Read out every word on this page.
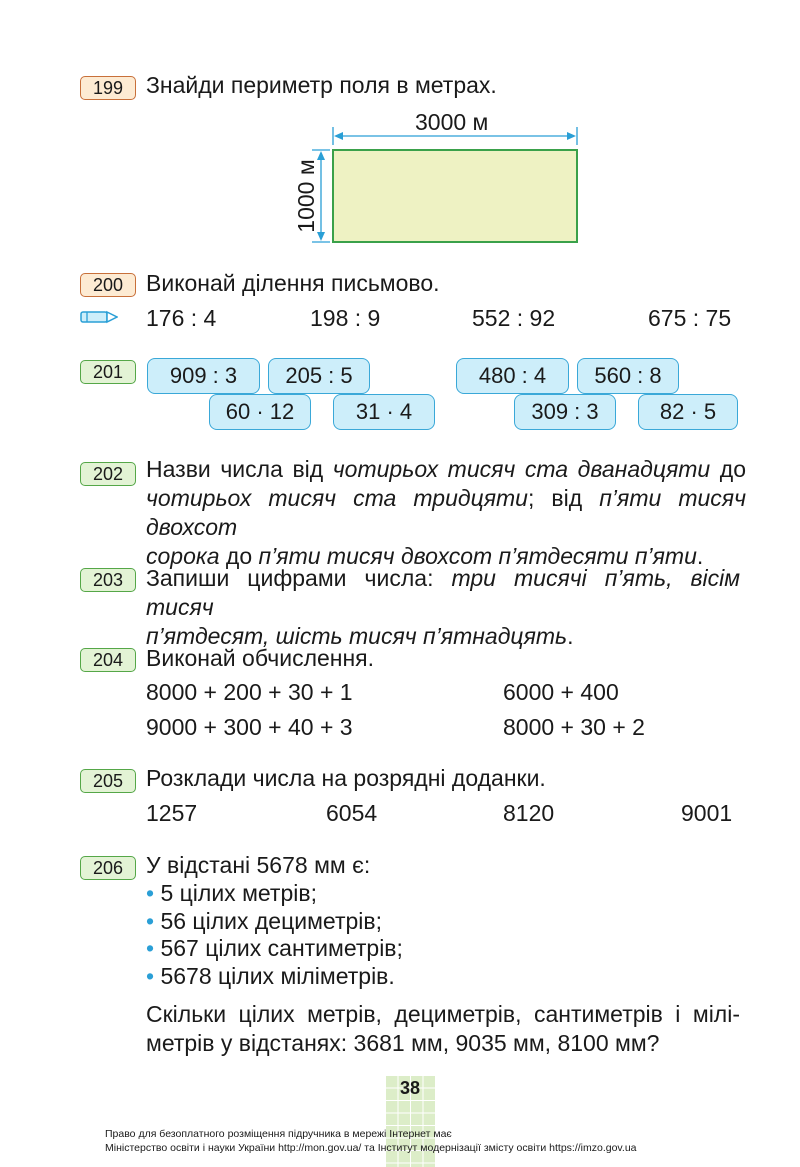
199 Знайди периметр поля в метрах.
3000 м
1000 м
200 Виконай ділення письмово.
176 : 4	198 : 9	552 : 92	675 : 75
201	909 : 3	205 : 5	480 : 4	560 : 8
60 · 12	31 · 4	309 : 3	82 · 5
202 Назви числа від чотирьох тисяч ста дванадцяти до
чотирьох тисяч ста тридцяти; від п’яти тисяч двохсот
сорока до п’яти тисяч двохсот п’ятдесяти п’яти.
203 Запиши цифрами числа: три тисячі п’ять, вісім тисяч
п’ятдесят, шість тисяч п’ятнадцять.
204 Виконай обчислення.
8000 + 200 + 30 + 1	6000 + 400
9000 + 300 + 40 + 3	8000 + 30 + 2
205 Розклади числа на розрядні доданки.
1257	6054	8120	9001
206 У відстані 5678 мм є:
• 5 цілих метрів;
• 56 цілих дециметрів;
• 567 цілих сантиметрів;
• 5678 цілих міліметрів.
Скільки цілих метрів, дециметрів, сантиметрів і мілі-
метрів у відстанях: 3681 мм, 9035 мм, 8100 мм?
38
Право для безоплатного розміщення підручника в мережі Інтернет має
Міністерство освіти і науки України http://mon.gov.ua/ та Інститут модернізації змісту освіти https://imzo.gov.ua
